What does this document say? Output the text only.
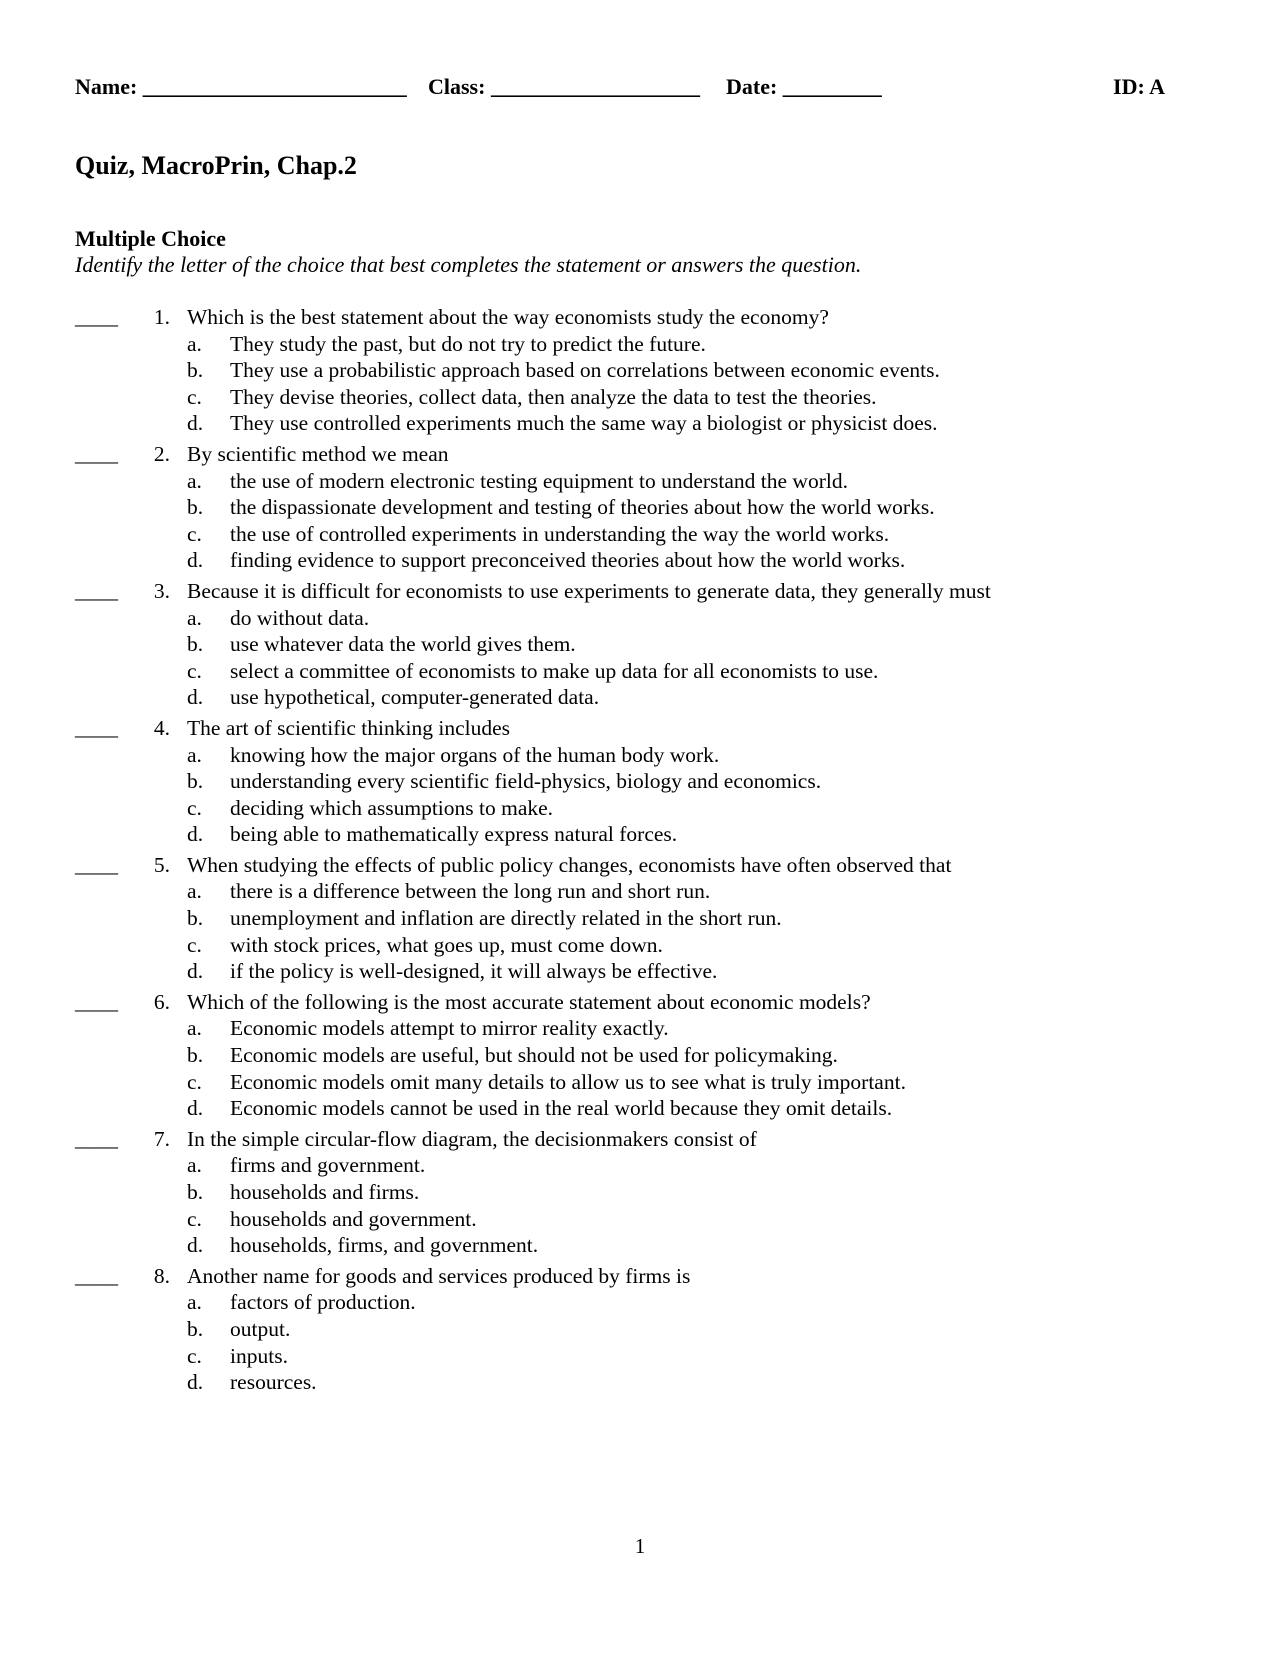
Name: ________________________ Class: ___________________ Date: _________	ID: A
Quiz, MacroPrin, Chap.2
Multiple Choice
Identify the letter of the choice that best completes the statement or answers the question.
____	1. Which is the best statement about the way economists study the economy?
a. They study the past, but do not try to predict the future.
b. They use a probabilistic approach based on correlations between economic events.
c. They devise theories, collect data, then analyze the data to test the theories.
d. They use controlled experiments much the same way a biologist or physicist does.
____	2. By scientific method we mean
a. the use of modern electronic testing equipment to understand the world.
b. the dispassionate development and testing of theories about how the world works.
c. the use of controlled experiments in understanding the way the world works.
d. finding evidence to support preconceived theories about how the world works.
____	3. Because it is difficult for economists to use experiments to generate data, they generally must
a. do without data.
b. use whatever data the world gives them.
c. select a committee of economists to make up data for all economists to use.
d. use hypothetical, computer-generated data.
____	4. The art of scientific thinking includes
a. knowing how the major organs of the human body work.
b. understanding every scientific field-physics, biology and economics.
c. deciding which assumptions to make.
d. being able to mathematically express natural forces.
____	5. When studying the effects of public policy changes, economists have often observed that
a. there is a difference between the long run and short run.
b. unemployment and inflation are directly related in the short run.
c. with stock prices, what goes up, must come down.
d. if the policy is well-designed, it will always be effective.
____	6. Which of the following is the most accurate statement about economic models?
a. Economic models attempt to mirror reality exactly.
b. Economic models are useful, but should not be used for policymaking.
c. Economic models omit many details to allow us to see what is truly important.
d. Economic models cannot be used in the real world because they omit details.
____	7. In the simple circular-flow diagram, the decisionmakers consist of
a. firms and government.
b. households and firms.
c. households and government.
d. households, firms, and government.
____	8. Another name for goods and services produced by firms is
a. factors of production.
b. output.
c. inputs.
d. resources.
1
